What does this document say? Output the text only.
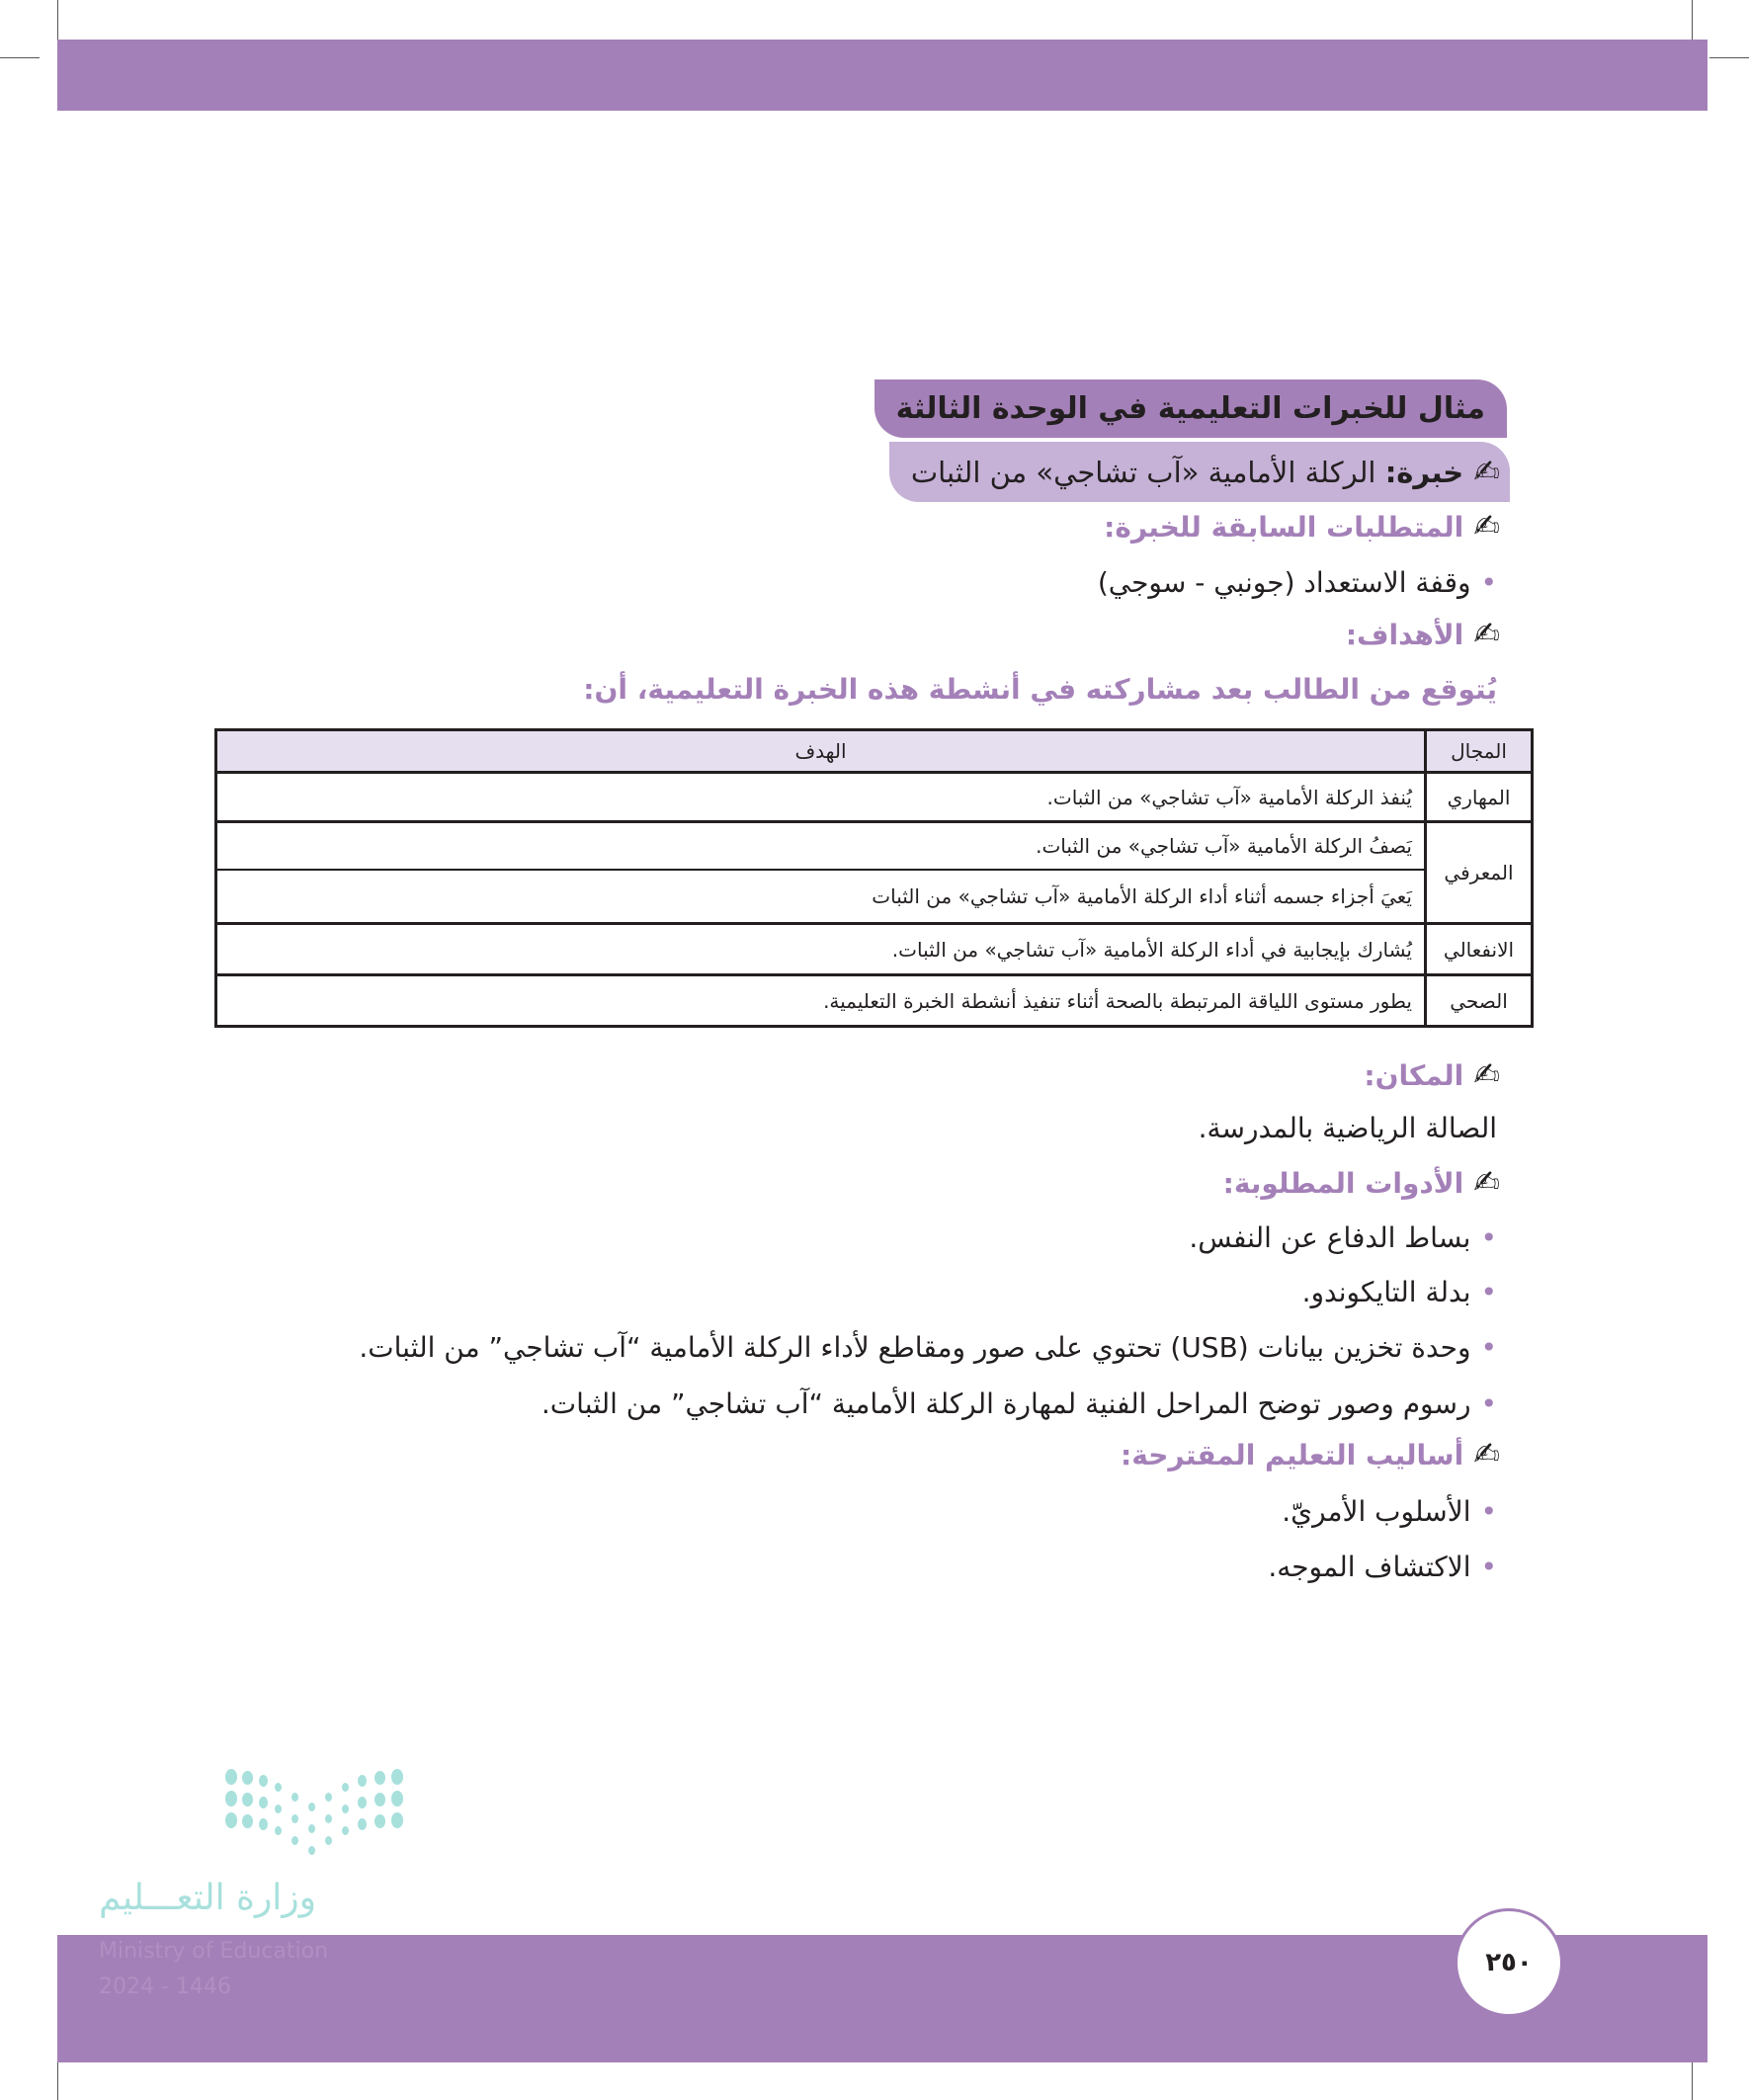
مثال للخبرات التعليمية في الوحدة الثالثة
✍خبرة: الركلة الأمامية «آب تشاجي» من الثبات
✍المتطلبات السابقة للخبرة:
•وقفة الاستعداد (جونبي - سوجي)
✍الأهداف:
يُتوقع من الطالب بعد مشاركته في أنشطة هذه الخبرة التعليمية، أن:
المجال	الهدف
المهاري	يُنفذ الركلة الأمامية «آب تشاجي» من الثبات.
المعرفي	يَصفُ الركلة الأمامية «آب تشاجي» من الثبات.
	يَعيَ أجزاء جسمه أثناء أداء الركلة الأمامية «آب تشاجي» من الثبات
الانفعالي	يُشارك بإيجابية في أداء الركلة الأمامية «آب تشاجي» من الثبات.
الصحي	يطور مستوى اللياقة المرتبطة بالصحة أثناء تنفيذ أنشطة الخبرة التعليمية.
✍المكان:
الصالة الرياضية بالمدرسة.
✍الأدوات المطلوبة:
•بساط الدفاع عن النفس.
•بدلة التايكوندو.
•وحدة تخزين بيانات (USB) تحتوي على صور ومقاطع لأداء الركلة الأمامية “آب تشاجي” من الثبات.
•رسوم وصور توضح المراحل الفنية لمهارة الركلة الأمامية “آب تشاجي” من الثبات.
✍أساليب التعليم المقترحة:
•الأسلوب الأمريّ.
•الاكتشاف الموجه.
وزارة التعـــليم
Ministry of Education
2024 - 1446
٢٥٠
